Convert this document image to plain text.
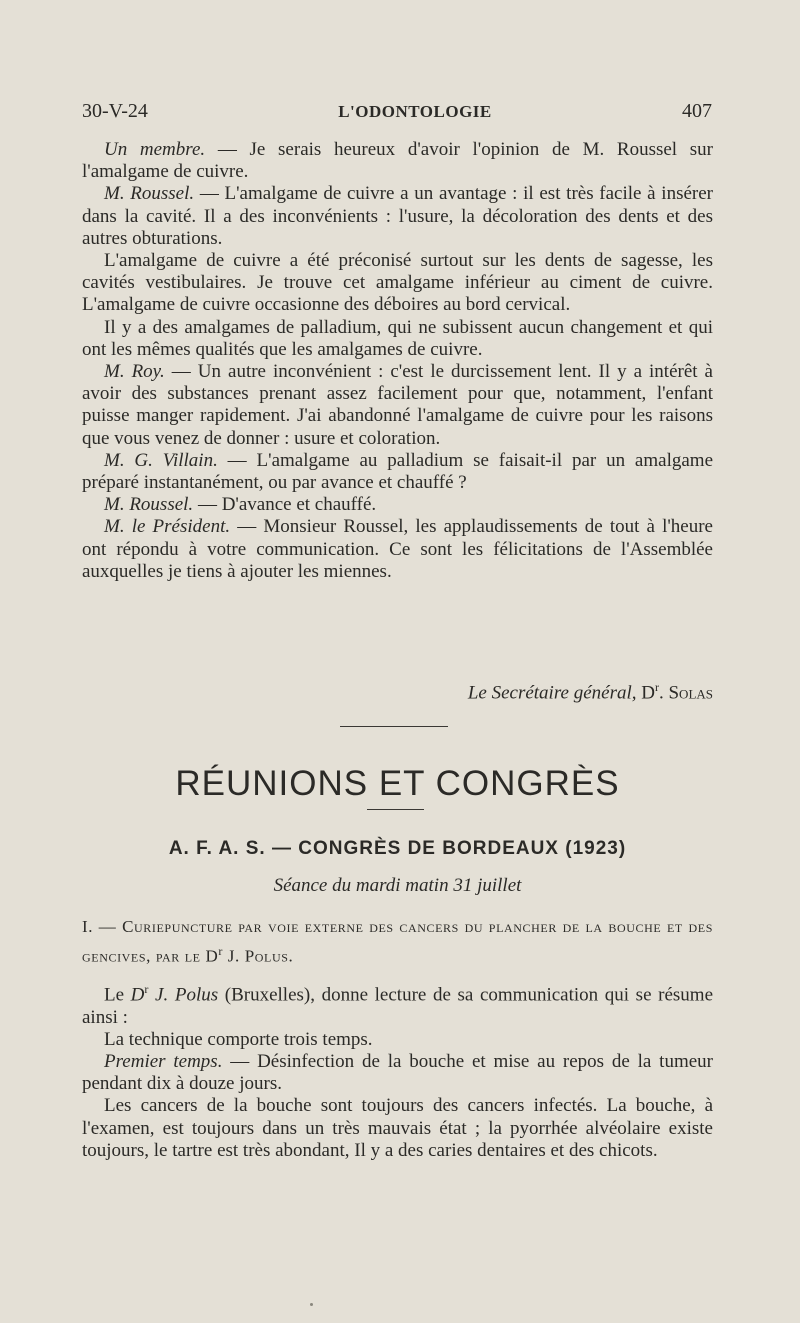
30-V-24	L'ODONTOLOGIE	407

Un membre. — Je serais heureux d'avoir l'opinion de M. Roussel sur l'amalgame de cuivre.

M. Roussel. — L'amalgame de cuivre a un avantage : il est très facile à insérer dans la cavité. Il a des inconvénients : l'usure, la décoloration des dents et des autres obturations.

L'amalgame de cuivre a été préconisé surtout sur les dents de sagesse, les cavités vestibulaires. Je trouve cet amalgame inférieur au ciment de cuivre. L'amalgame de cuivre occasionne des déboires au bord cervical.

Il y a des amalgames de palladium, qui ne subissent aucun changement et qui ont les mêmes qualités que les amalgames de cuivre.

M. Roy. — Un autre inconvénient : c'est le durcissement lent. Il y a intérêt à avoir des substances prenant assez facilement pour que, notamment, l'enfant puisse manger rapidement. J'ai abandonné l'amalgame de cuivre pour les raisons que vous venez de donner : usure et coloration.

M. G. Villain. — L'amalgame au palladium se faisait-il par un amalgame préparé instantanément, ou par avance et chauffé ?

M. Roussel. — D'avance et chauffé.

M. le Président. — Monsieur Roussel, les applaudissements de tout à l'heure ont répondu à votre communication. Ce sont les félicitations de l'Assemblée auxquelles je tiens à ajouter les miennes.

Le Secrétaire général, $D^r$. Solas

RÉUNIONS ET CONGRÈS
A. F. A. S. — CONGRÈS DE BORDEAUX (1923)
Séance du mardi matin 31 juillet
I. — Curiepuncture par voie externe des cancers du plancher de la bouche et des gencives, par le $D^r$ J. Polus.

Le $D^r$ J. Polus (Bruxelles), donne lecture de sa communication qui se résume ainsi :

La technique comporte trois temps.

Premier temps. — Désinfection de la bouche et mise au repos de la tumeur pendant dix à douze jours.

Les cancers de la bouche sont toujours des cancers infectés. La bouche, à l'examen, est toujours dans un très mauvais état ; la pyorrhée alvéolaire existe toujours, le tartre est très abondant, Il y a des caries dentaires et des chicots.
